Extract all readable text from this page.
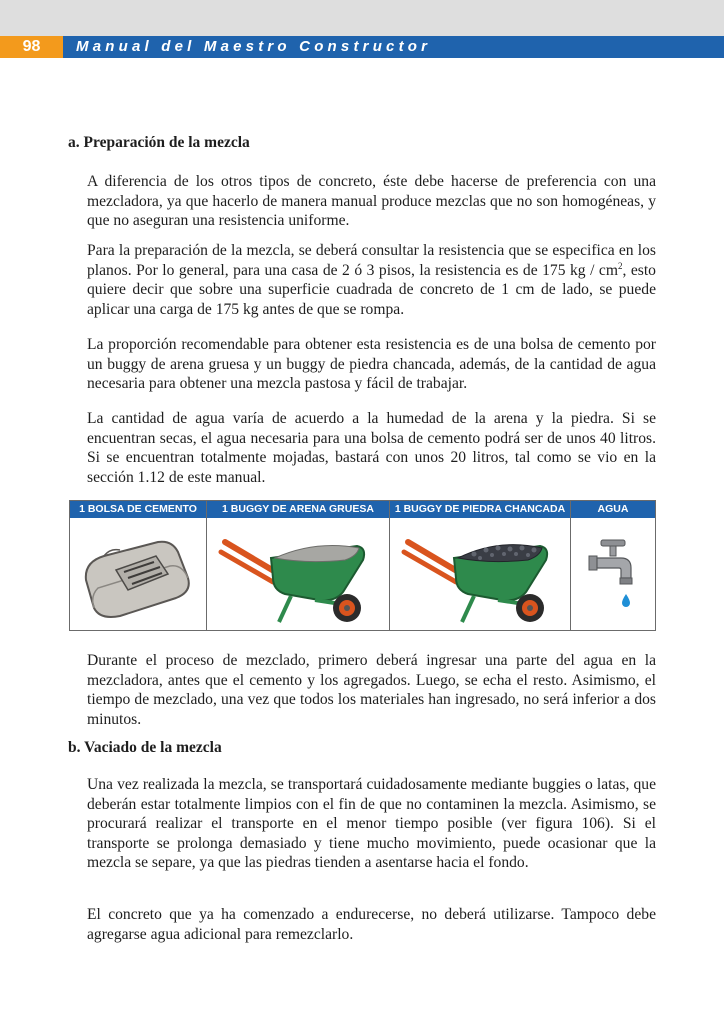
98	Manual del Maestro Constructor
a. Preparación de la mezcla

A diferencia de los otros tipos de concreto, éste debe hacerse de preferencia con una mezcladora, ya que hacerlo de manera manual produce mezclas que no son homogéneas, y que no aseguran una resistencia uniforme.

Para la preparación de la mezcla, se deberá consultar la resistencia que se especifica en los planos. Por lo general, para una casa de 2 ó 3 pisos, la resistencia es de 175 kg / $cm^2$, esto quiere decir que sobre una superficie cuadrada de concreto de 1 cm de lado, se puede aplicar una carga de 175 kg antes de que se rompa.

La proporción recomendable para obtener esta resistencia es de una bolsa de cemento por un buggy de arena gruesa y un buggy de piedra chancada, además, de la cantidad de agua necesaria para obtener una mezcla pastosa y fácil de trabajar.

La cantidad de agua varía de acuerdo a la humedad de la arena y la piedra. Si se encuentran secas, el agua necesaria para una bolsa de cemento podrá ser de unos 40 litros. Si se encuentran totalmente mojadas, bastará con unos 20 litros, tal como se vio en la sección 1.12 de este manual.

1 BOLSA DE CEMENTO	1 BUGGY DE ARENA GRUESA	1 BUGGY DE PIEDRA CHANCADA	AGUA

Durante el proceso de mezclado, primero deberá ingresar una parte del agua en la mezcladora, antes que el cemento y los agregados. Luego, se echa el resto. Asimismo, el tiempo de mezclado, una vez que todos los materiales han ingresado, no será inferior a dos minutos.

b. Vaciado de la mezcla

Una vez realizada la mezcla, se transportará cuidadosamente mediante buggies o latas, que deberán estar totalmente limpios con el fin de que no contaminen la mezcla. Asimismo, se procurará realizar el transporte en el menor tiempo posible (ver figura 106). Si el transporte se prolonga demasiado y tiene mucho movimiento, puede ocasionar que la mezcla se separe, ya que las piedras tienden a asentarse hacia el fondo.

El concreto que ya ha comenzado a endurecerse, no deberá utilizarse. Tampoco debe agregarse agua adicional para remezclarlo.
